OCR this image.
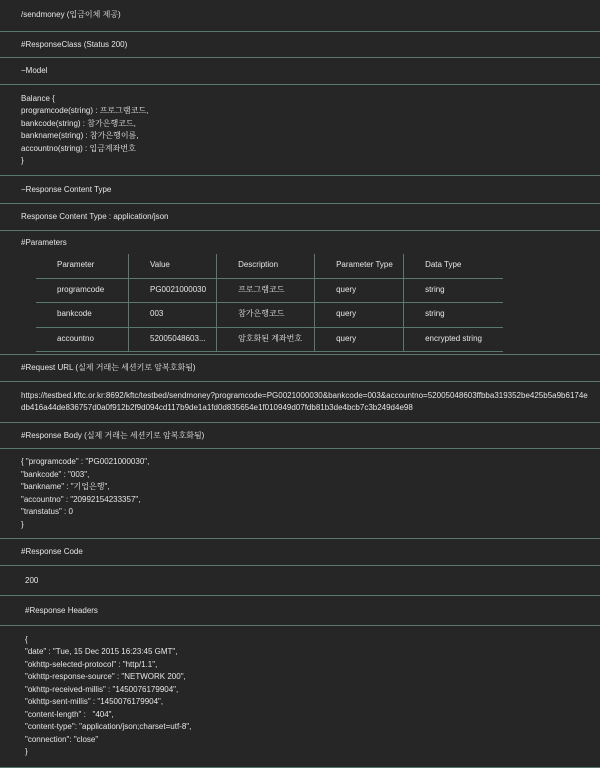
/sendmoney (입금이체 제공)
#ResponseClass (Status 200)
−Model
Balance {
programcode(string) : 프로그램코드,
bankcode(string) : 참가은행코드,
bankname(string) : 참가은행이름,
accountno(string) : 입금계좌번호
}
−Response Content Type
Response Content Type : application/json
#Parameters
Parameter	Value	Description	Parameter Type	Data Type
programcode	PG0021000030	프로그램코드	query	string
bankcode	003	참가은행코드	query	string
accountno	52005048603...	암호화된 계좌번호	query	encrypted string
#Request URL (실제 거래는 세션키로 암복호화됨)
https://testbed.kftc.or.kr:8692/kftc/testbed/sendmoney?programcode=PG0021000030&bankcode=003&accountno=52005048603ffbba319352be425b5a9b6174edb416a44de836757d0a0f912b2f9d094cd117b9de1a1fd0d835654e1f010949d07fdb81b3de4bcb7c3b249d4e98
#Response Body (실제 거래는 세션키로 암복호화됨)
{ "programcode" : "PG0021000030",
"bankcode" : "003",
"bankname" : "기업은행",
"accountno" : "20992154233357",
"transtatus" : 0
}
#Response Code
200
#Response Headers
{
"date" : "Tue, 15 Dec 2015 16:23:45 GMT",
"okhttp-selected-protocol" : "http/1.1",
"okhttp-response-source" : "NETWORK 200",
"okhttp-received-millis" : "1450076179904",
"okhttp-sent-millis" : "1450076179904",
"content-length" :   "404",
"content-type": "application/json;charset=utf-8",
"connection": "close"
}
